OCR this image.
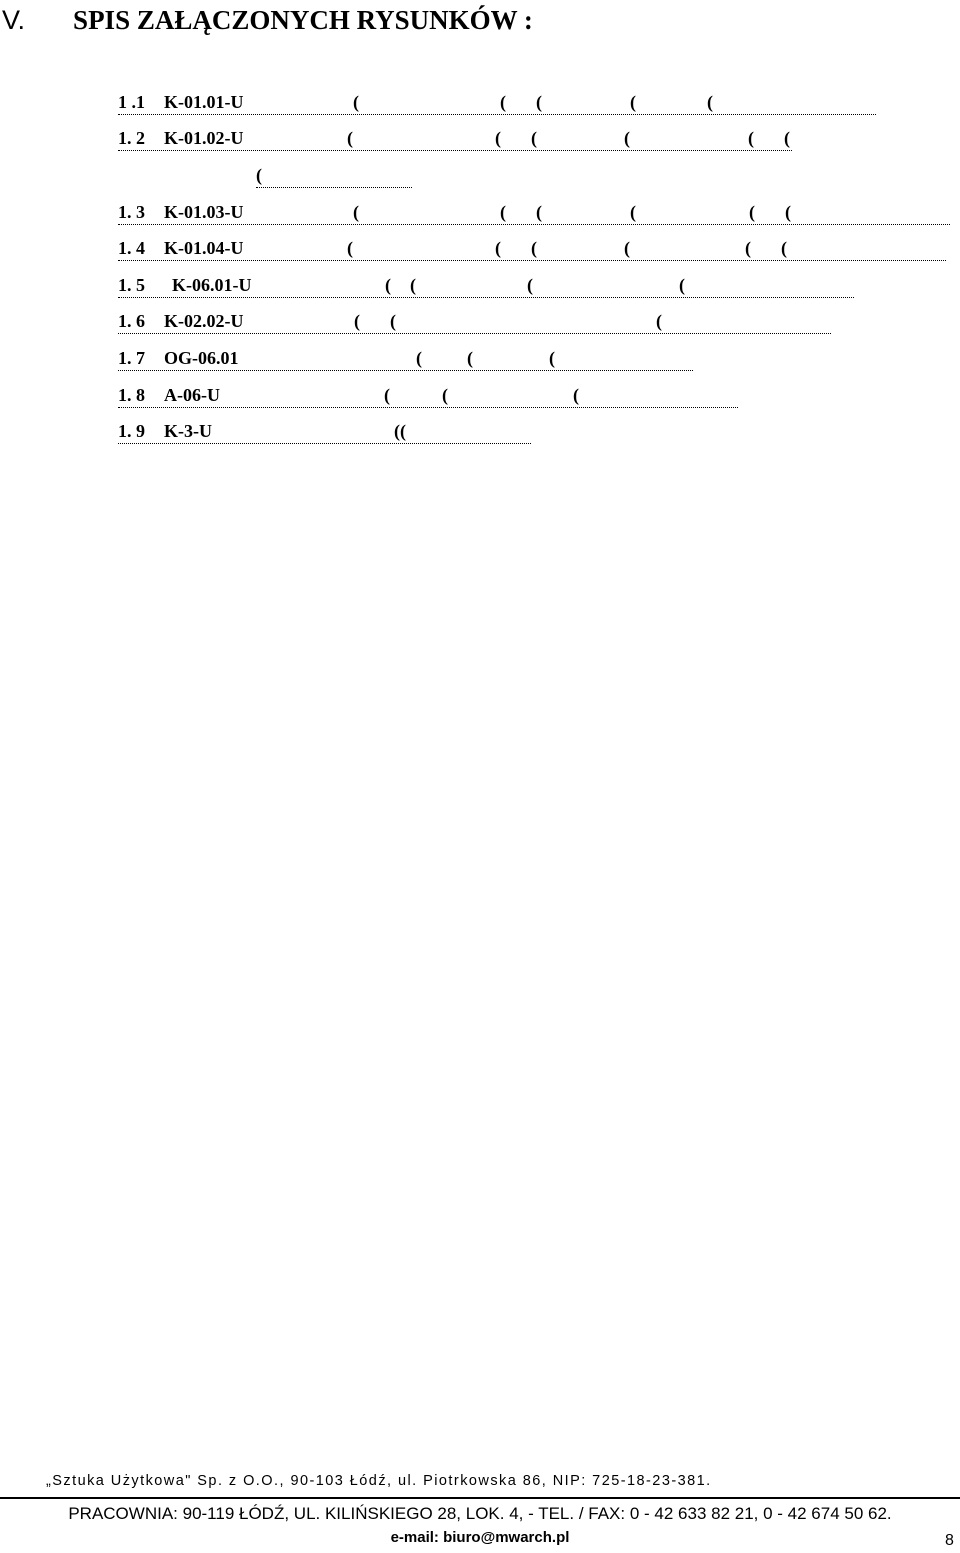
V. SPIS ZAŁĄCZONYCH RYSUNKÓW :
1 .1 K-01.01-U	(	( (	(	(
1. 2 K-01.02-U	(	( (	(	( (
(
1. 3 K-01.03-U	(	( (	(	( (
1. 4 K-01.04-U	(	( (	(	( (
1. 5 K-06.01-U	( (	(	(
1. 6 K-02.02-U	( (	(
1. 7 OG-06.01	(	(	(
1. 8 A-06-U	(	(	(
1. 9 K-3-U	((
„Sztuka Użytkowa" Sp. z O.O., 90-103 Łódź, ul. Piotrkowska 86, NIP: 725-18-23-381.
PRACOWNIA: 90-119 ŁÓDŹ, UL. KILIŃSKIEGO 28, LOK. 4, - TEL. / FAX: 0 - 42 633 82 21, 0 - 42 674 50 62.
e-mail: biuro@mwarch.pl	8
